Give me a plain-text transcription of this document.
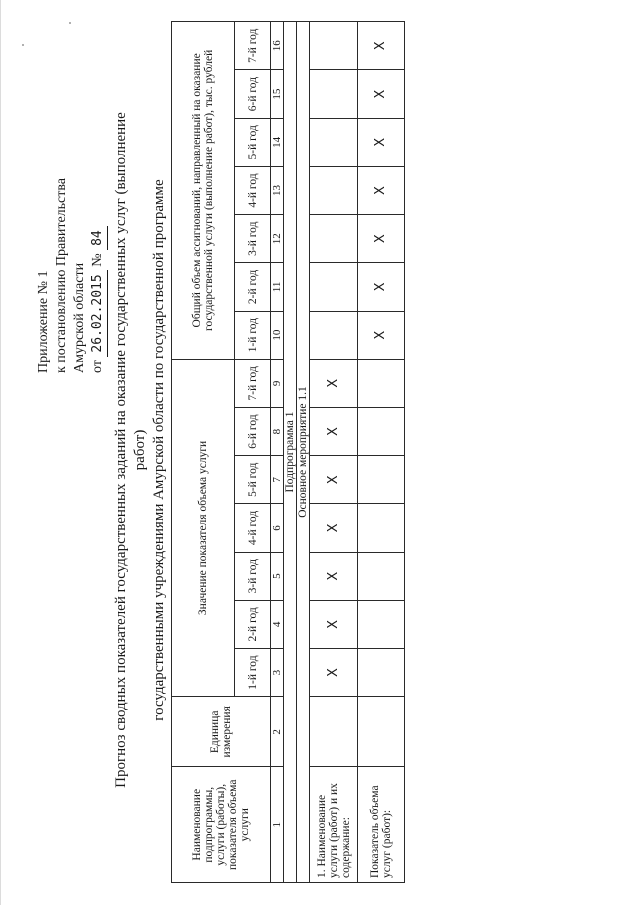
Приложение № 1 к постановлению Правительства Амурской области от 26.02.2015 № 84 Прогноз сводных показателей государственных заданий на оказание государственных услуг (выполнение работ) государственными учреждениями Амурской области по государственной программе
Наименование подпрограммы, услуги (работы), показателя объема услуги	Единица измерения	Значение показателя объема услуги							Общий объем ассигнований, направленный на оказание государственной услуги (выполнение работ), тыс. рублей						
		1-й год	2-й год	3-й год	4-й год	5-й год	6-й год	7-й год	1-й год	2-й год	3-й год	4-й год	5-й год	6-й год	7-й год
1	2	3	4	5	6	7	8	9	10	11	12	13	14	15	16
Подпрограмма 1															
Основное мероприятие 1.1															
1. Наименование услуги (работ) и их содержание:		Х	Х	Х	Х	Х	Х	Х							
Показатель объема услуг (работ):									Х	Х	Х	Х	Х	Х	Х
